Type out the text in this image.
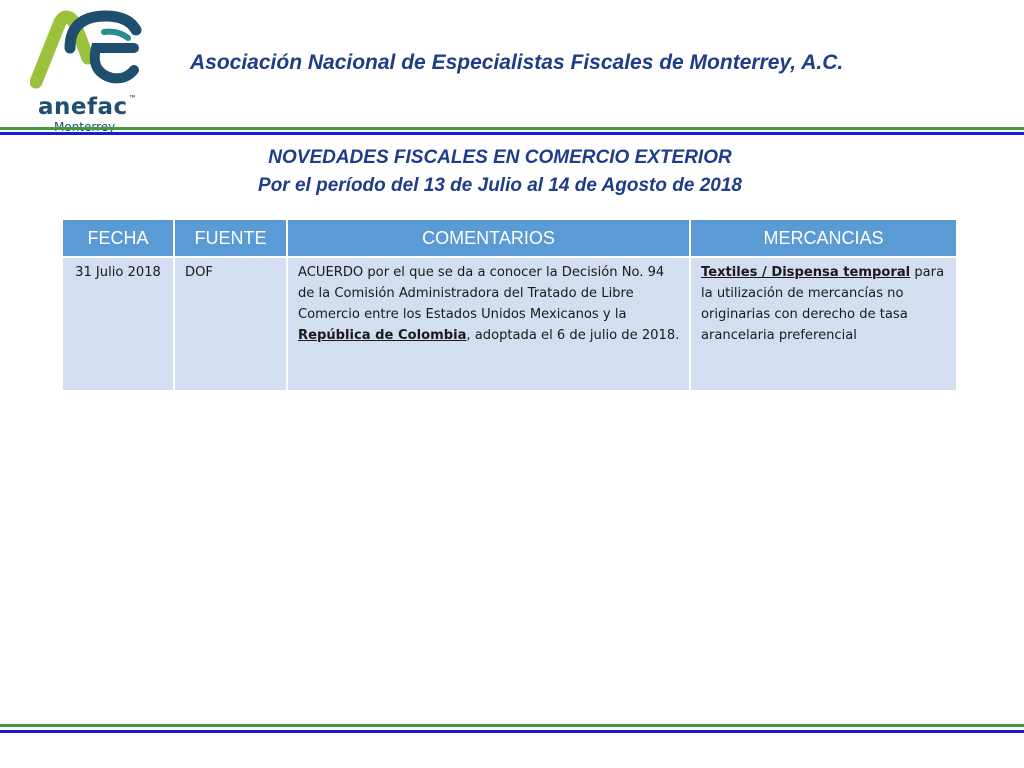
anefac™
Asociación Nacional de Especialistas Fiscales de Monterrey, A.C.
NOVEDADES FISCALES EN COMERCIO EXTERIOR
Por el período del 13 de Julio al 14 de Agosto de 2018
FECHA	FUENTE	COMENTARIOS	MERCANCIAS
31 Julio 2018	DOF	ACUERDO por el que se da a conocer la Decisión No. 94 de la Comisión Administradora del Tratado de Libre Comercio entre los Estados Unidos Mexicanos y la República de Colombia, adoptada el 6 de julio de 2018.	Textiles / Dispensa temporal para la utilización de mercancías no originarias con derecho de tasa arancelaria preferencial
